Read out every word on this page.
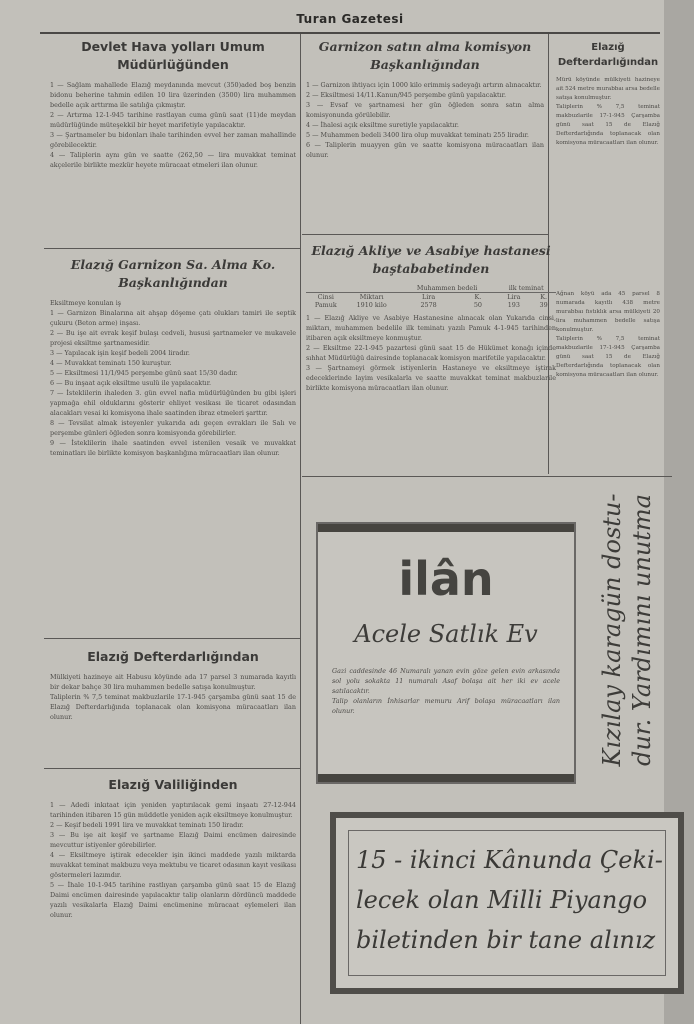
Turan Gazetesi
Devlet Hava yolları Umum Müdürlüğünden
1 — Sağlam mahallede Elazığ meydanında mevcut (350)aded boş benzin bidonu beherine tahmin edilen 10 lira üzerinden (3500) lira muhammen bedelle açık arttırma ile satılığa çıkmıştır.
2 — Artırma 12-1-945 tarihine rastlayan cuma günü saat (11)de meydan müdürlüğünde müteşekkil bir heyet marifetiyle yapılacaktır.
3 — Şartnameler bu bidonları ihale tarihinden evvel her zaman mahallinde görebilecektir.
4 — Taliplerin aynı gün ve saatte (262,50 — lira muvakkat teminat akçelerile birlikte mezkür heyete müracaat etmeleri ilan olunur.
Elazığ Garnizon Sa. Alma Ko. Başkanlığından
Eksiltmeye konulan iş
1 — Garnizon Binalarına ait ahşap döşeme çatı olukları tamiri ile septik çukuru (Beton arme) inşası.
2 — Bu işe ait evrak keşif bulaşı cedveli, hususi şartnameler ve mukavele projesi eksiltme şartnamesidir.
3 — Yapılacak işin keşif bedeli 2004 liradır.
4 — Muvakkat teminatı 150 kuruştur.
5 — Eksiltmesi 11/1/945 perşembe günü saat 15/30 dadır.
6 — Bu inşaat açık eksiltme usulü ile yapılacaktır.
7 — İsteklilerin ihaleden 3. gün evvel nafia müdürlüğünden bu gibi işleri yapmağa ehil olduklarını gösterir ehliyet vesikası ile ticaret odasından alacakları vesai ki komisyona ihale saatinden ibraz etmeleri şarttır.
8 — Tevsilat almak isteyenler yukarıda adı geçen evrakları ile Salı ve perşembe günleri öğleden sonra komisyonda görebilirler.
9 — İsteklilerin ihale saatinden evvel istenilen vesaik ve muvakkat teminatları ile birlikte komisyon başkanlığına müracaatları ilan olunur.
Elazığ Defterdarlığından
Mülkiyeti hazineye ait Habusu köyünde ada 17 parsel 3 numarada kayıtlı bir dekar bahçe 30 lira muhammen bedelle satışa konulmuştur.
Taliplerin % 7,5 teminat makbuzlarile 17-1-945 çarşamba günü saat 15 de Elazığ Defterdarlığında toplanacak olan komisyona müracaatları ilan olunur.
Elazığ Valiliğinden
1 — Adedi inkıtaat için yeniden yaptırılacak gemi inşaatı 27-12-944 tarihinden itibaren 15 gün müddetle yeniden açık eksiltmeye konulmuştur.
2 — Keşif bedeli 1991 lira ve muvakkat teminatı 150 liradır.
3 — Bu işe ait keşif ve şartname Elazığ Daimi encümen dairesinde mevcuttur istiyenler görebilirler.
4 — Eksiltmeye iştirak edecekler işin ikinci maddede yazılı miktarda muvakkat teminat makbuzu veya mektubu ve ticaret odasının kayıt vesikası göstermeleri lazımdır.
5 — İhale 10-1-945 tarihine rastlıyan çarşamba günü saat 15 de Elazığ Daimi encümen dairesinde yapılacaktır talip olanların dördüncü maddede yazılı vesikalarla Elazığ Daimi encümenine müracaat eylemeleri ilan olunur.
Garnizon satın alma komisyon Başkanlığından
1 — Garnizon ihtiyacı için 1000 kilo erimmiş sadeyağı artırın alınacaktır.
2 — Eksiltmesi 14/11.Kanun/945 perşembe günü yapılacaktır.
3 — Evsaf ve şartnamesi her gün öğleden sonra satın alma komisyonunda görülebilir.
4 — İhalesi açık eksiltme suretiyle yapılacaktır.
5 — Muhammen bedeli 3400 lira olup muvakkat teminatı 255 liradır.
6 — Taliplerin muayyen gün ve saatte komisyona müracaatları ilan olunur.
Elazığ Akliye ve Asabiye hastanesi baştababetinden
		Muhammen bedeli		ilk teminat	
Cinsi	Miktarı	Lira	K.	Lira	K.
Pamuk	1910 kilo	2578	50	193	39
1 — Elazığ Akliye ve Asabiye Hastanesine alınacak olan Yukarıda cinsi, miktarı, muhammen bedelile ilk teminatı yazılı Pamuk 4-1-945 tarihinden itibaren açık eksiltmeye konmuştur.
2 — Eksiltme 22-1-945 pazartesi günü saat 15 de Hükümet konağı içinde sıhhat Müdürlüğü dairesinde toplanacak komisyon marifetile yapılacaktır.
3 — Şartnameyi görmek istiyenlerin Hastaneye ve eksiltmeye iştirak edeceklerinde layim vesikalarla ve saatte muvakkat teminat makbuzlarile birlikte komisyona müracaatları ilan olunur.
Elazığ Defterdarlığından
Mürü köyünde mülkiyeti hazineye ait 524 metre murabbaı arsa bedelle satışa konulmuştur.
Taliplerin % 7,5 teminat makbuzlarile 17-1-945 Çarşamba günü saat 15 de Elazığ Defterdarlığında toplanacak olan komisyona müracaatları ilan olunur.
Ağnan köyü ada 45 parsel 8 numarada kayıtlı 438 metre murabbaı fıstıklık arsa mülkiyeti 20 lira muhammen bedelle satışa konulmuştur.
Taliplerin % 7,5 teminat makbuzlarile 17-1-945 Çarşamba günü saat 15 de Elazığ Defterdarlığında toplanacak olan komisyona müracaatları ilan olunur.
ilân
Acele Satlık Ev
Gazi caddesinde 46 Numaralı yanan evin göze gelen evin arkasında sol yolu sokakta 11 numaralı Asaf bolaşa ait her iki ev acele satılacaktır.
Talip olanların İnhisarlar memuru Arif bolaşa müracaatları ilan olunur.	Kızılay karagün dostu- dur. Yardımını unutma
15 - ikinci Kânunda Çeki-
lecek olan Milli Piyango
biletinden bir tane alınız
